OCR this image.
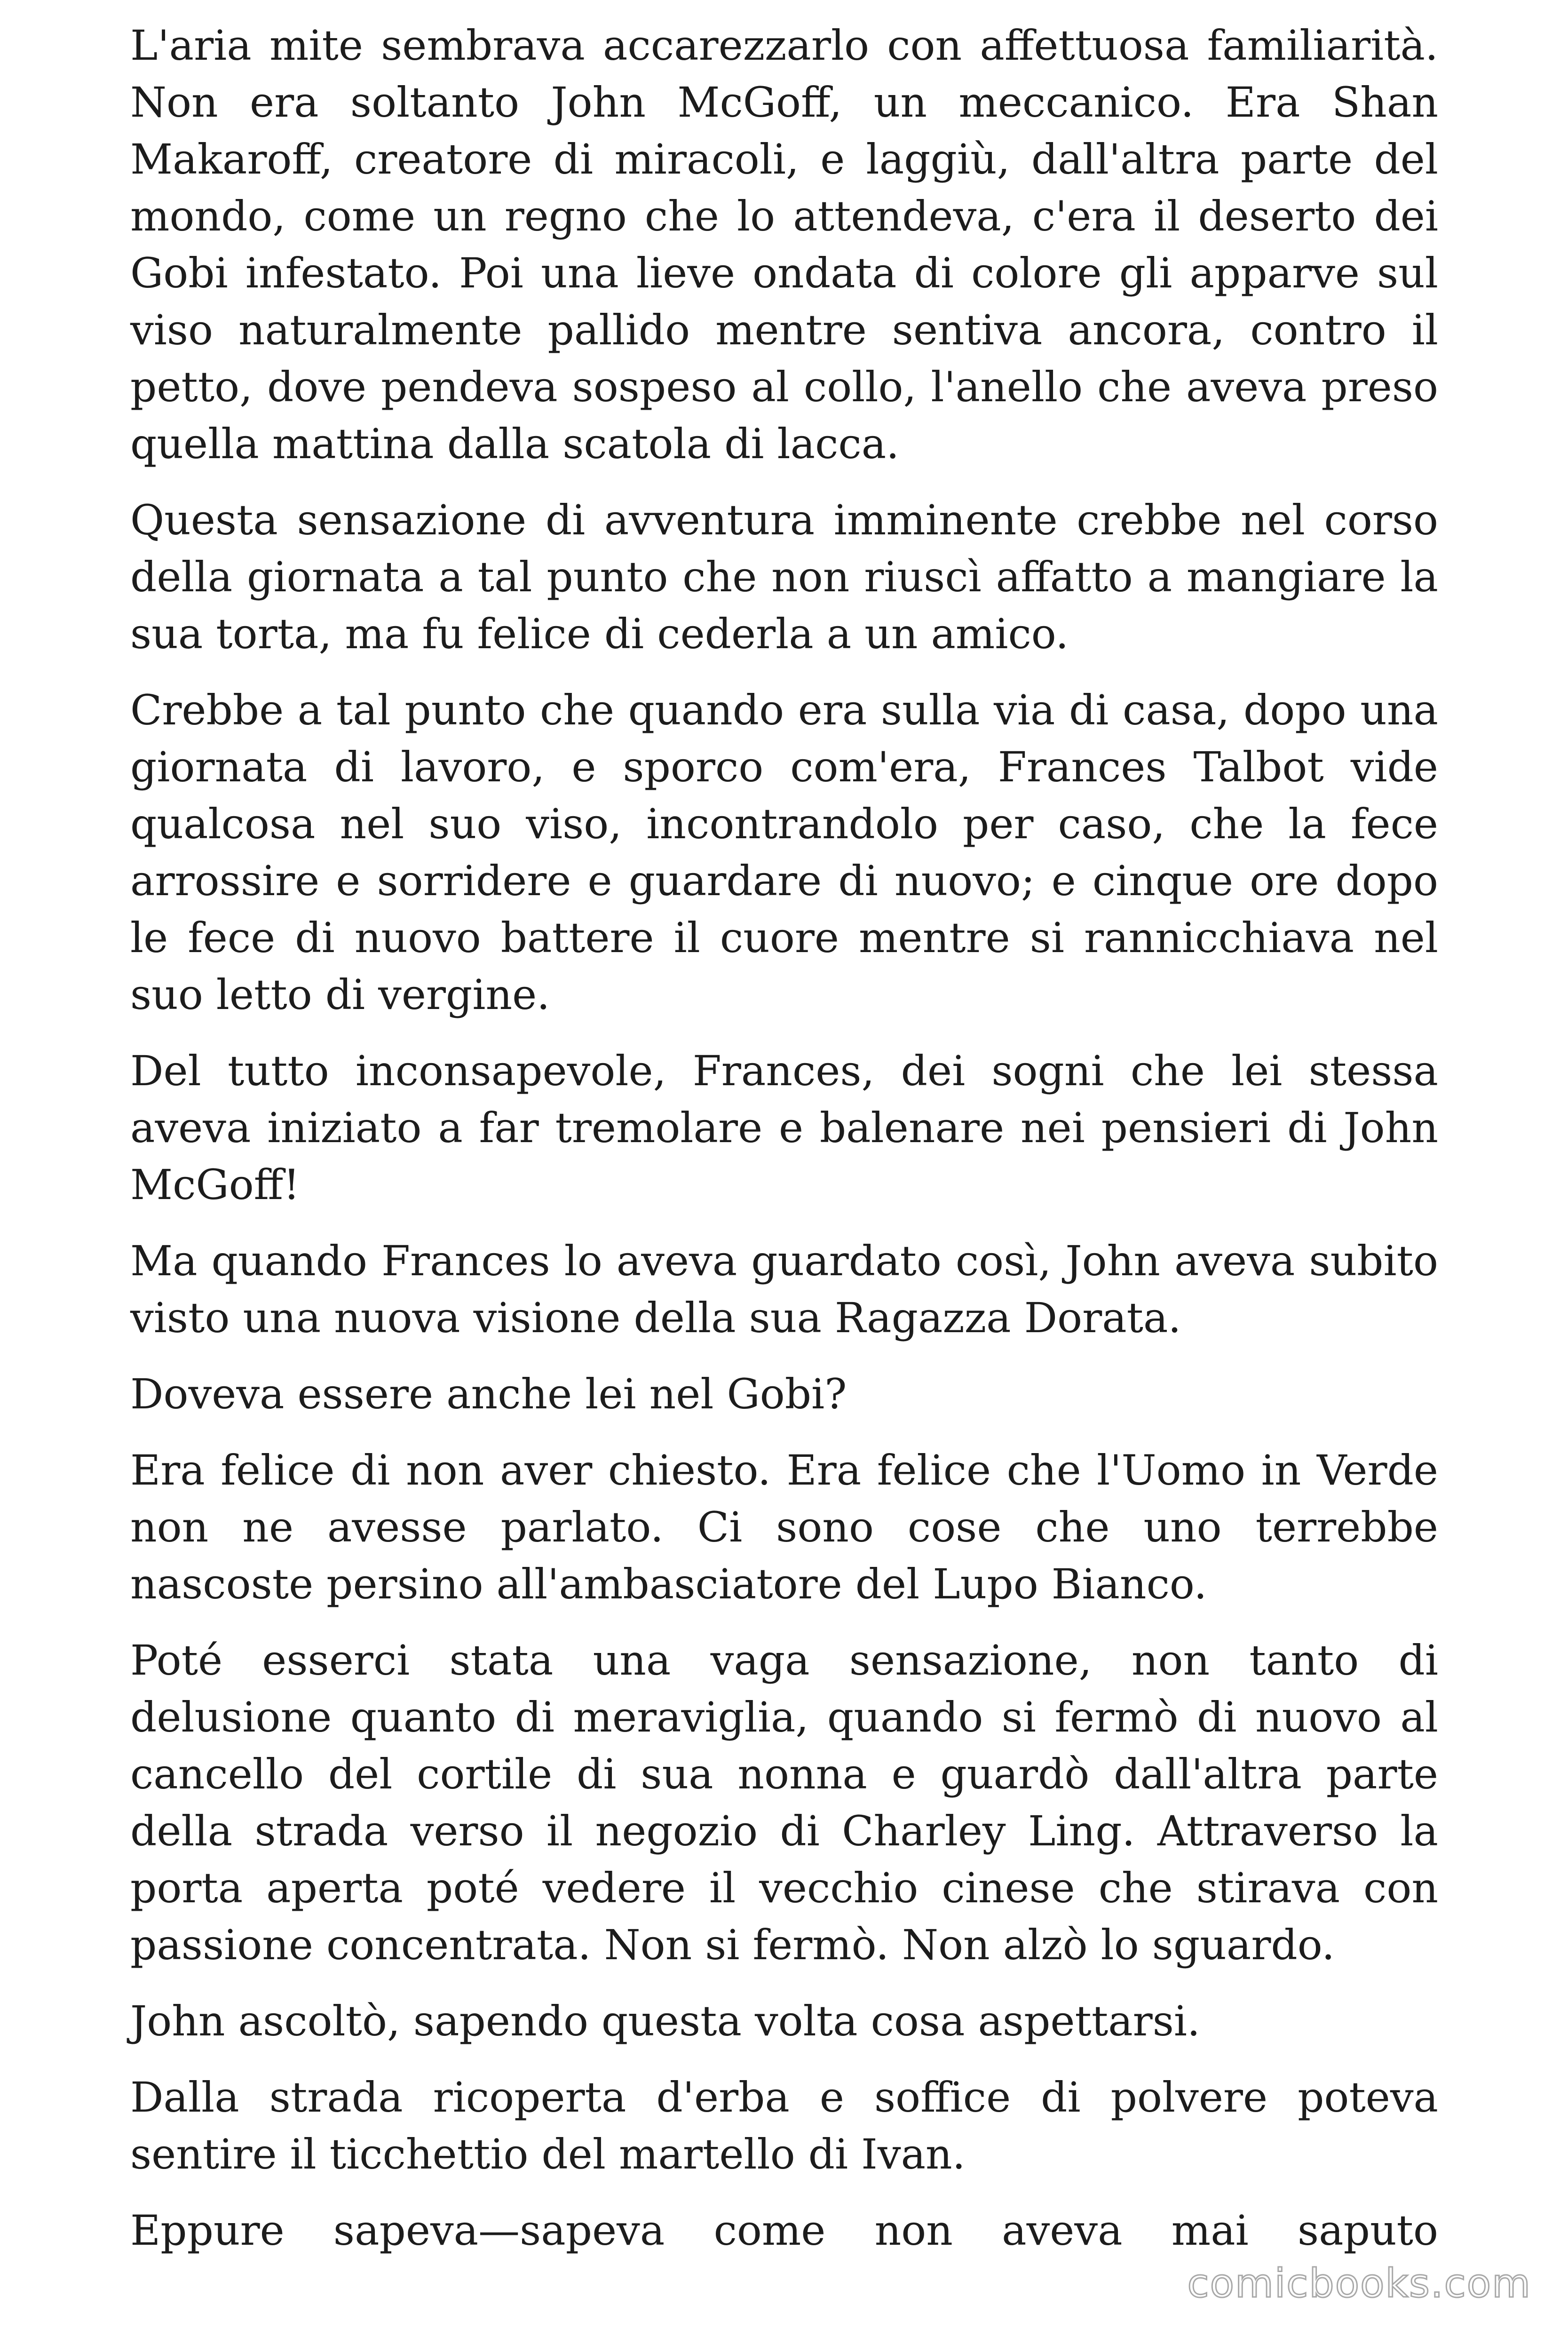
L'aria mite sembrava accarezzarlo con affettuosa familiarità. Non era soltanto John McGoff, un meccanico. Era Shan Makaroff, creatore di miracoli, e laggiù, dall'altra parte del mondo, come un regno che lo attendeva, c'era il deserto dei Gobi infestato. Poi una lieve ondata di colore gli apparve sul viso naturalmente pallido mentre sentiva ancora, contro il petto, dove pendeva sospeso al collo, l'anello che aveva preso quella mattina dalla scatola di lacca.

Questa sensazione di avventura imminente crebbe nel corso della giornata a tal punto che non riuscì affatto a mangiare la sua torta, ma fu felice di cederla a un amico.

Crebbe a tal punto che quando era sulla via di casa, dopo una giornata di lavoro, e sporco com'era, Frances Talbot vide qualcosa nel suo viso, incontrandolo per caso, che la fece arrossire e sorridere e guardare di nuovo; e cinque ore dopo le fece di nuovo battere il cuore mentre si rannicchiava nel suo letto di vergine.

Del tutto inconsapevole, Frances, dei sogni che lei stessa aveva iniziato a far tremolare e balenare nei pensieri di John McGoff!

Ma quando Frances lo aveva guardato così, John aveva subito visto una nuova visione della sua Ragazza Dorata.

Doveva essere anche lei nel Gobi?

Era felice di non aver chiesto. Era felice che l'Uomo in Verde non ne avesse parlato. Ci sono cose che uno terrebbe nascoste persino all'ambasciatore del Lupo Bianco.

Poté esserci stata una vaga sensazione, non tanto di delusione quanto di meraviglia, quando si fermò di nuovo al cancello del cortile di sua nonna e guardò dall'altra parte della strada verso il negozio di Charley Ling. Attraverso la porta aperta poté vedere il vecchio cinese che stirava con passione concentrata. Non si fermò. Non alzò lo sguardo.

John ascoltò, sapendo questa volta cosa aspettarsi.

Dalla strada ricoperta d'erba e soffice di polvere poteva sentire il ticchettio del martello di Ivan.

Eppure sapeva—sapeva come non aveva mai saputo

comicbooks.com
